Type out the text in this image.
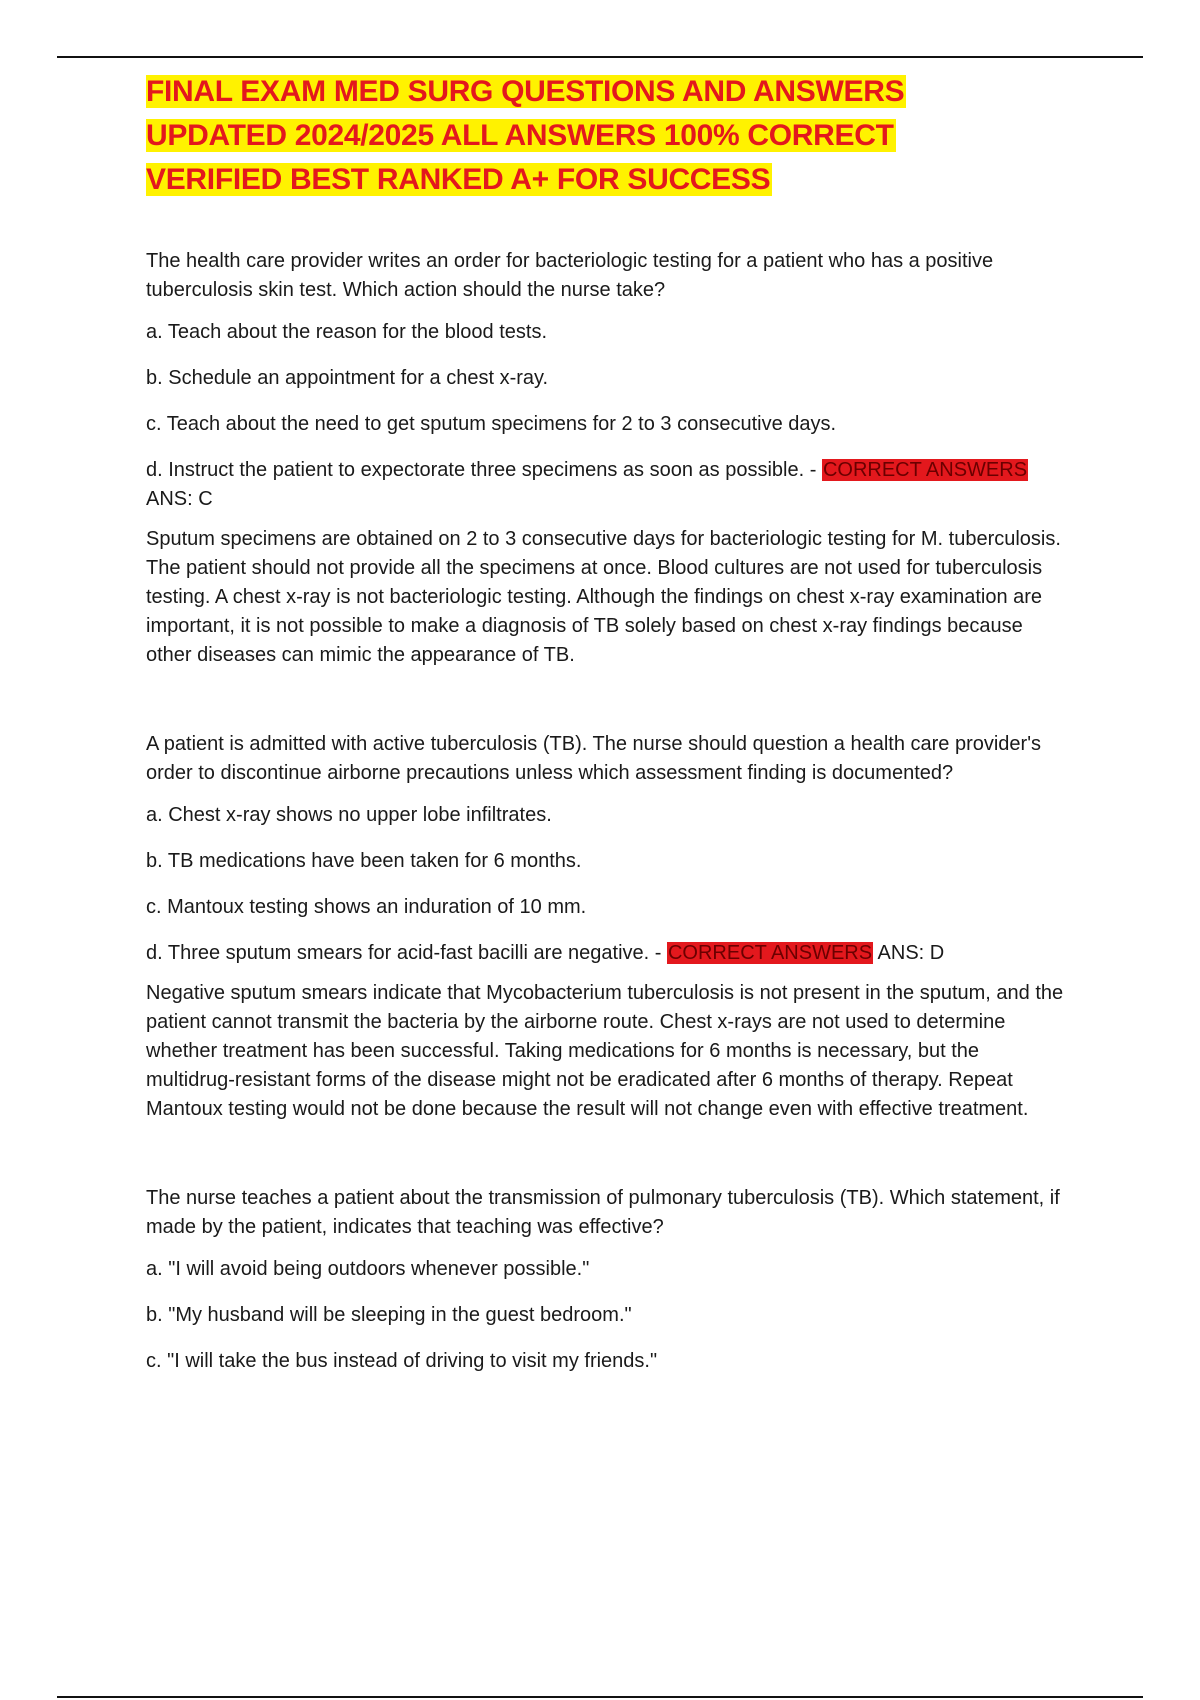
FINAL EXAM MED SURG QUESTIONS AND ANSWERS
UPDATED 2024/2025 ALL ANSWERS 100% CORRECT
VERIFIED BEST RANKED A+ FOR SUCCESS

The health care provider writes an order for bacteriologic testing for a patient who has a positive tuberculosis skin test. Which action should the nurse take?

a. Teach about the reason for the blood tests.

b. Schedule an appointment for a chest x-ray.

c. Teach about the need to get sputum specimens for 2 to 3 consecutive days.

d. Instruct the patient to expectorate three specimens as soon as possible. - CORRECT ANSWERS ANS: C

Sputum specimens are obtained on 2 to 3 consecutive days for bacteriologic testing for M. tuberculosis. The patient should not provide all the specimens at once. Blood cultures are not used for tuberculosis testing. A chest x-ray is not bacteriologic testing. Although the findings on chest x-ray examination are important, it is not possible to make a diagnosis of TB solely based on chest x-ray findings because other diseases can mimic the appearance of TB.

A patient is admitted with active tuberculosis (TB). The nurse should question a health care provider's order to discontinue airborne precautions unless which assessment finding is documented?

a. Chest x-ray shows no upper lobe infiltrates.

b. TB medications have been taken for 6 months.

c. Mantoux testing shows an induration of 10 mm.

d. Three sputum smears for acid-fast bacilli are negative. - CORRECT ANSWERS ANS: D

Negative sputum smears indicate that Mycobacterium tuberculosis is not present in the sputum, and the patient cannot transmit the bacteria by the airborne route. Chest x-rays are not used to determine whether treatment has been successful. Taking medications for 6 months is necessary, but the multidrug-resistant forms of the disease might not be eradicated after 6 months of therapy. Repeat Mantoux testing would not be done because the result will not change even with effective treatment.

The nurse teaches a patient about the transmission of pulmonary tuberculosis (TB). Which statement, if made by the patient, indicates that teaching was effective?

a. "I will avoid being outdoors whenever possible."

b. "My husband will be sleeping in the guest bedroom."

c. "I will take the bus instead of driving to visit my friends."
